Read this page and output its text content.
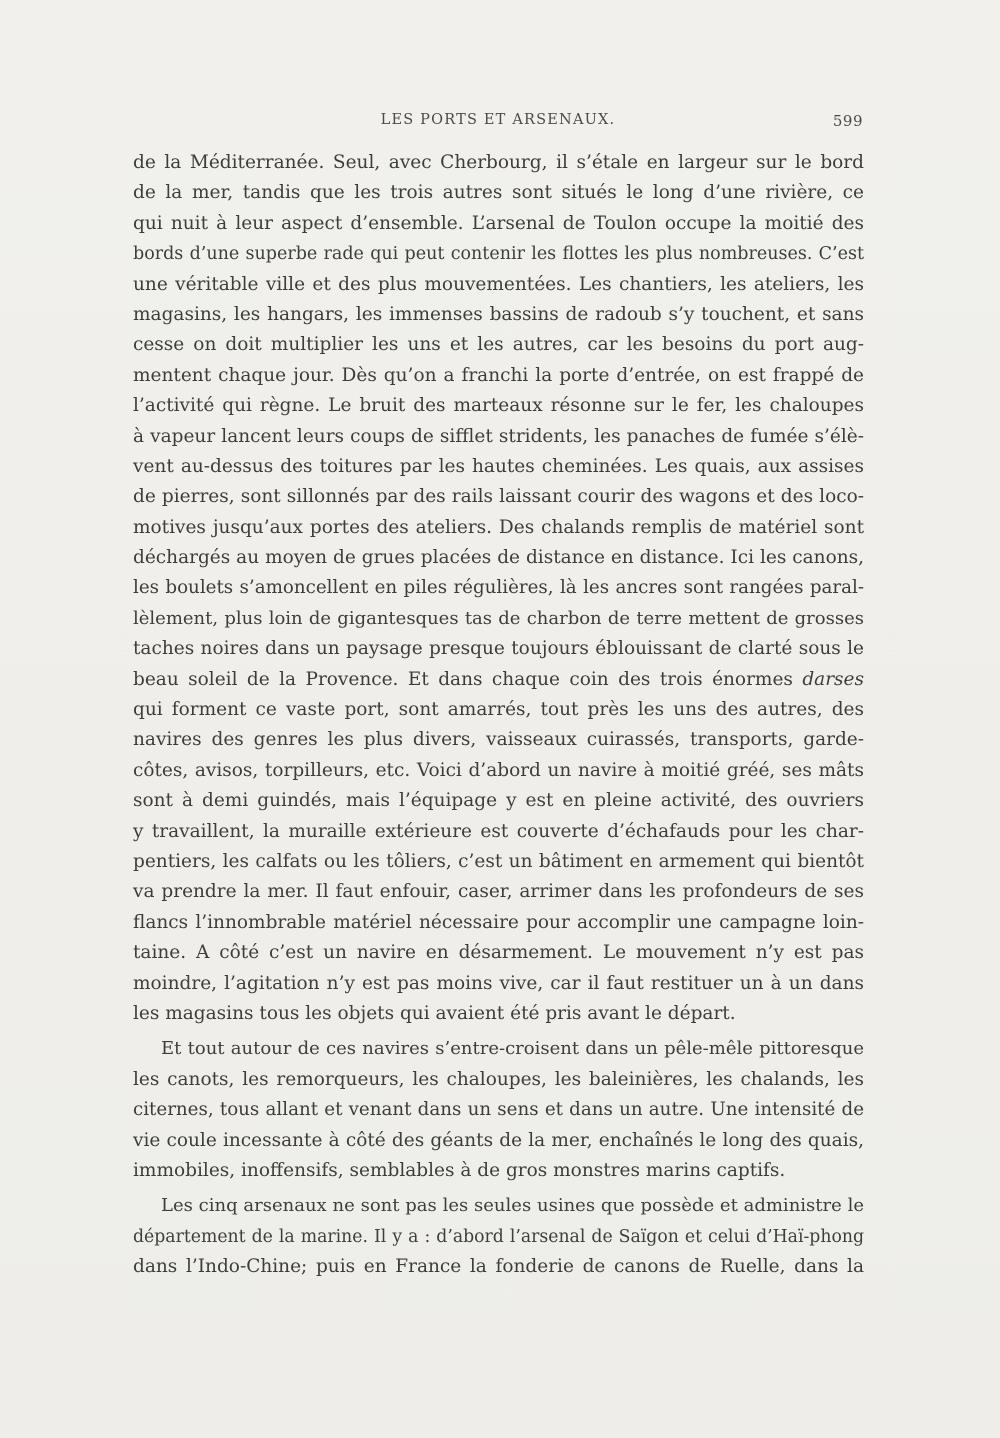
LES PORTS ET ARSENAUX.	599
de la Méditerranée. Seul, avec Cherbourg, il s’étale en largeur sur le bord
de la mer, tandis que les trois autres sont situés le long d’une rivière, ce
qui nuit à leur aspect d’ensemble. L’arsenal de Toulon occupe la moitié des
bords d’une superbe rade qui peut contenir les flottes les plus nombreuses. C’est
une véritable ville et des plus mouvementées. Les chantiers, les ateliers, les
magasins, les hangars, les immenses bassins de radoub s’y touchent, et sans
cesse on doit multiplier les uns et les autres, car les besoins du port aug-
mentent chaque jour. Dès qu’on a franchi la porte d’entrée, on est frappé de
l’activité qui règne. Le bruit des marteaux résonne sur le fer, les chaloupes
à vapeur lancent leurs coups de sifflet stridents, les panaches de fumée s’élè-
vent au-dessus des toitures par les hautes cheminées. Les quais, aux assises
de pierres, sont sillonnés par des rails laissant courir des wagons et des loco-
motives jusqu’aux portes des ateliers. Des chalands remplis de matériel sont
déchargés au moyen de grues placées de distance en distance. Ici les canons,
les boulets s’amoncellent en piles régulières, là les ancres sont rangées paral-
lèlement, plus loin de gigantesques tas de charbon de terre mettent de grosses
taches noires dans un paysage presque toujours éblouissant de clarté sous le
beau soleil de la Provence. Et dans chaque coin des trois énormes darses
qui forment ce vaste port, sont amarrés, tout près les uns des autres, des
navires des genres les plus divers, vaisseaux cuirassés, transports, garde-
côtes, avisos, torpilleurs, etc. Voici d’abord un navire à moitié gréé, ses mâts
sont à demi guindés, mais l’équipage y est en pleine activité, des ouvriers
y travaillent, la muraille extérieure est couverte d’échafauds pour les char-
pentiers, les calfats ou les tôliers, c’est un bâtiment en armement qui bientôt
va prendre la mer. Il faut enfouir, caser, arrimer dans les profondeurs de ses
flancs l’innombrable matériel nécessaire pour accomplir une campagne loin-
taine. A côté c’est un navire en désarmement. Le mouvement n’y est pas
moindre, l’agitation n’y est pas moins vive, car il faut restituer un à un dans
les magasins tous les objets qui avaient été pris avant le départ.
Et tout autour de ces navires s’entre-croisent dans un pêle-mêle pittoresque
les canots, les remorqueurs, les chaloupes, les baleinières, les chalands, les
citernes, tous allant et venant dans un sens et dans un autre. Une intensité de
vie coule incessante à côté des géants de la mer, enchaînés le long des quais,
immobiles, inoffensifs, semblables à de gros monstres marins captifs.
Les cinq arsenaux ne sont pas les seules usines que possède et administre le
département de la marine. Il y a : d’abord l’arsenal de Saïgon et celui d’Haï-phong
dans l’Indo-Chine; puis en France la fonderie de canons de Ruelle, dans la
